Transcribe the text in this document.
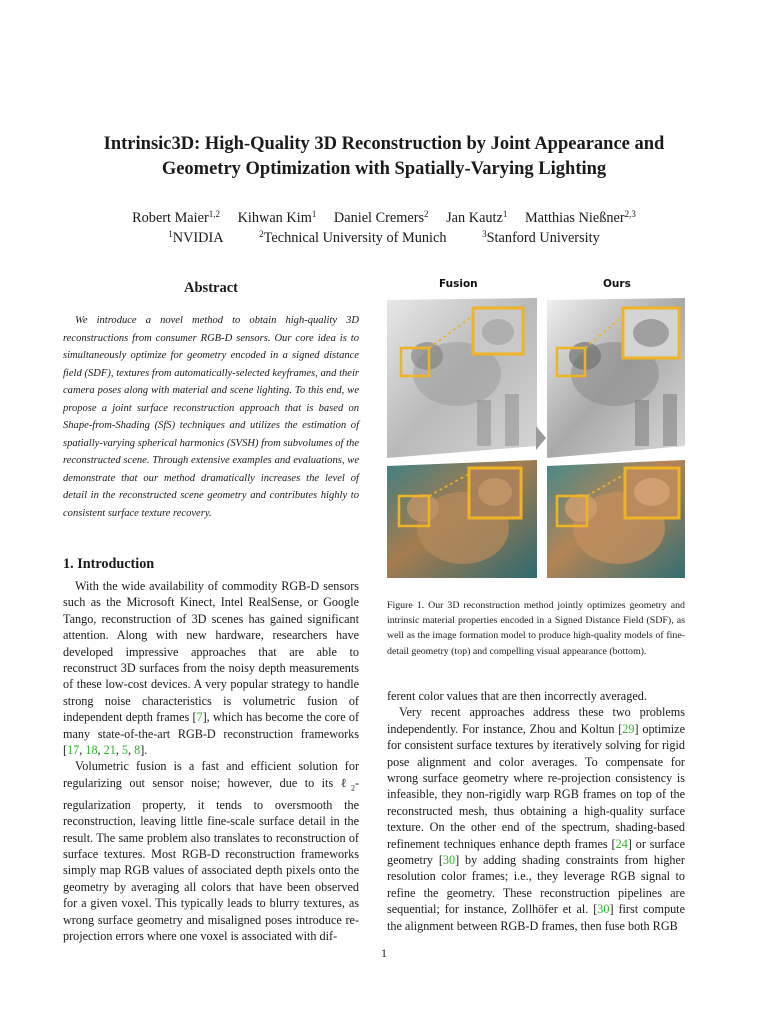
Intrinsic3D: High-Quality 3D Reconstruction by Joint Appearance and
Geometry Optimization with Spatially-Varying Lighting
Robert Maier$^{1,2}$ Kihwan Kim$^1$ Daniel Cremers$^2$ Jan Kautz$^1$ Matthias Nießner$^{2,3}$
$^1$NVIDIA	$^2$Technical University of Munich	$^3$Stanford University
Abstract
We introduce a novel method to obtain high-quality 3D reconstructions from consumer RGB-D sensors. Our core idea is to simultaneously optimize for geometry encoded in a signed distance field (SDF), textures from automatically-selected keyframes, and their camera poses along with material and scene lighting. To this end, we propose a joint surface reconstruction approach that is based on Shape-from-Shading (SfS) techniques and utilizes the estimation of spatially-varying spherical harmonics (SVSH) from subvolumes of the reconstructed scene. Through extensive examples and evaluations, we demonstrate that our method dramatically increases the level of detail in the reconstructed scene geometry and contributes highly to consistent surface texture recovery.
1. Introduction

With the wide availability of commodity RGB-D sensors such as the Microsoft Kinect, Intel RealSense, or Google Tango, reconstruction of 3D scenes has gained significant attention. Along with new hardware, researchers have developed impressive approaches that are able to reconstruct 3D surfaces from the noisy depth measurements of these low-cost devices. A very popular strategy to handle strong noise characteristics is volumetric fusion of independent depth frames [7], which has become the core of many state-of-the-art RGB-D reconstruction frameworks [17, 18, 21, 5, 8].

Volumetric fusion is a fast and efficient solution for regularizing out sensor noise; however, due to its ℓ$_2$-regularization property, it tends to oversmooth the reconstruction, leaving little fine-scale surface detail in the result. The same problem also translates to reconstruction of surface textures. Most RGB-D reconstruction frameworks simply map RGB values of associated depth pixels onto the geometry by averaging all colors that have been observed for a given voxel. This typically leads to blurry textures, as wrong surface geometry and misaligned poses introduce re-projection errors where one voxel is associated with dif-

Fusion	Ours
Figure 1. Our 3D reconstruction method jointly optimizes geometry and intrinsic material properties encoded in a Signed Distance Field (SDF), as well as the image formation model to produce high-quality models of fine-detail geometry (top) and compelling visual appearance (bottom).

ferent color values that are then incorrectly averaged.

Very recent approaches address these two problems independently. For instance, Zhou and Koltun [29] optimize for consistent surface textures by iteratively solving for rigid pose alignment and color averages. To compensate for wrong surface geometry where re-projection consistency is infeasible, they non-rigidly warp RGB frames on top of the reconstructed mesh, thus obtaining a high-quality surface texture. On the other end of the spectrum, shading-based refinement techniques enhance depth frames [24] or surface geometry [30] by adding shading constraints from higher resolution color frames; i.e., they leverage RGB signal to refine the geometry. These reconstruction pipelines are sequential; for instance, Zollhöfer et al. [30] first compute the alignment between RGB-D frames, then fuse both RGB

1
